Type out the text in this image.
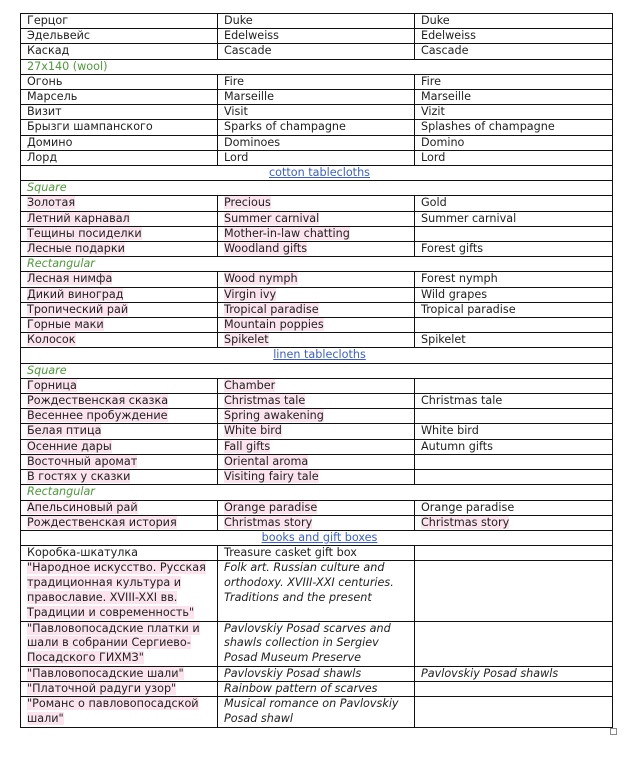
Герцог	Duke	Duke
Эдельвейс	Edelweiss	Edelweiss
Каскад	Cascade	Cascade
27x140 (wool)		
Огонь	Fire	Fire
Марсель	Marseille	Marseille
Визит	Visit	Vizit
Брызги шампанского	Sparks of champagne	Splashes of champagne
Домино	Dominoes	Domino
Лорд	Lord	Lord
cotton tablecloths		
Square		
Золотая	Precious	Gold
Летний карнавал	Summer carnival	Summer carnival
Тещины посиделки	Mother-in-law chatting	
Лесные подарки	Woodland gifts	Forest gifts
Rectangular		
Лесная нимфа	Wood nymph	Forest nymph
Дикий виноград	Virgin ivy	Wild grapes
Тропический рай	Tropical paradise	Tropical paradise
Горные маки	Mountain poppies	
Колосок	Spikelet	Spikelet
linen tablecloths		
Square		
Горница	Chamber	
Рождественская сказка	Christmas tale	Christmas tale
Весеннее пробуждение	Spring awakening	
Белая птица	White bird	White bird
Осенние дары	Fall gifts	Autumn gifts
Восточный аромат	Oriental aroma	
В гостях у сказки	Visiting fairy tale	
Rectangular		
Апельсиновый рай	Orange paradise	Orange paradise
Рождественская история	Christmas story	Christmas story
books and gift boxes		
Коробка-шкатулка	Treasure casket gift box	
"Народное искусство. Русская традиционная культура и православие. XVIII-XXI вв. Традиции и современность"	Folk art. Russian culture and orthodoxy. XVIII-XXI centuries. Traditions and the present	
"Павловопосадские платки и шали в собрании Сергиево-Посадского ГИХМЗ"	Pavlovskiy Posad scarves and shawls collection in Sergiev Posad Museum Preserve	
"Павловопосадские шали"	Pavlovskiy Posad shawls	Pavlovskiy Posad shawls
"Платочной радуги узор"	Rainbow pattern of scarves	
"Романс о павловопосадской шали"	Musical romance on Pavlovskiy Posad shawl	
